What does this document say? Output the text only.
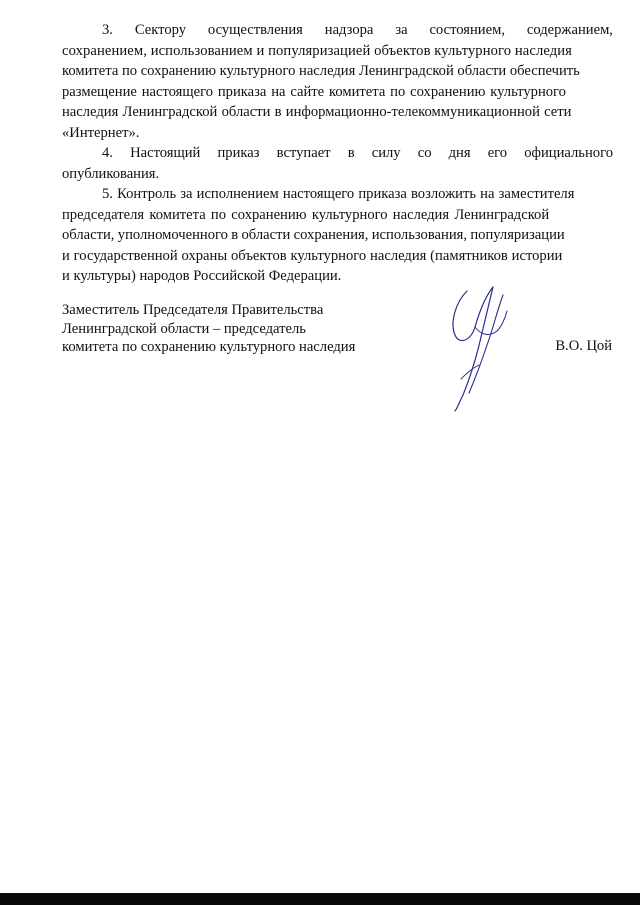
3. Сектору осуществления надзора за состоянием, содержанием,
сохранением, использованием и популяризацией объектов культурного наследия
комитета по сохранению культурного наследия Ленинградской области обеспечить
размещение настоящего приказа на сайте комитета по сохранению культурного
наследия Ленинградской области в информационно-телекоммуникационной сети
«Интернет».
4. Настоящий приказ вступает в силу со дня его официального
опубликования.
5. Контроль за исполнением настоящего приказа возложить на заместителя
председателя комитета по сохранению культурного наследия Ленинградской
области, уполномоченного в области сохранения, использования, популяризации
и государственной охраны объектов культурного наследия (памятников истории
и культуры) народов Российской Федерации.
Заместитель Председателя Правительства
Ленинградской области – председатель
комитета по сохранению культурного наследия	В.О. Цой
